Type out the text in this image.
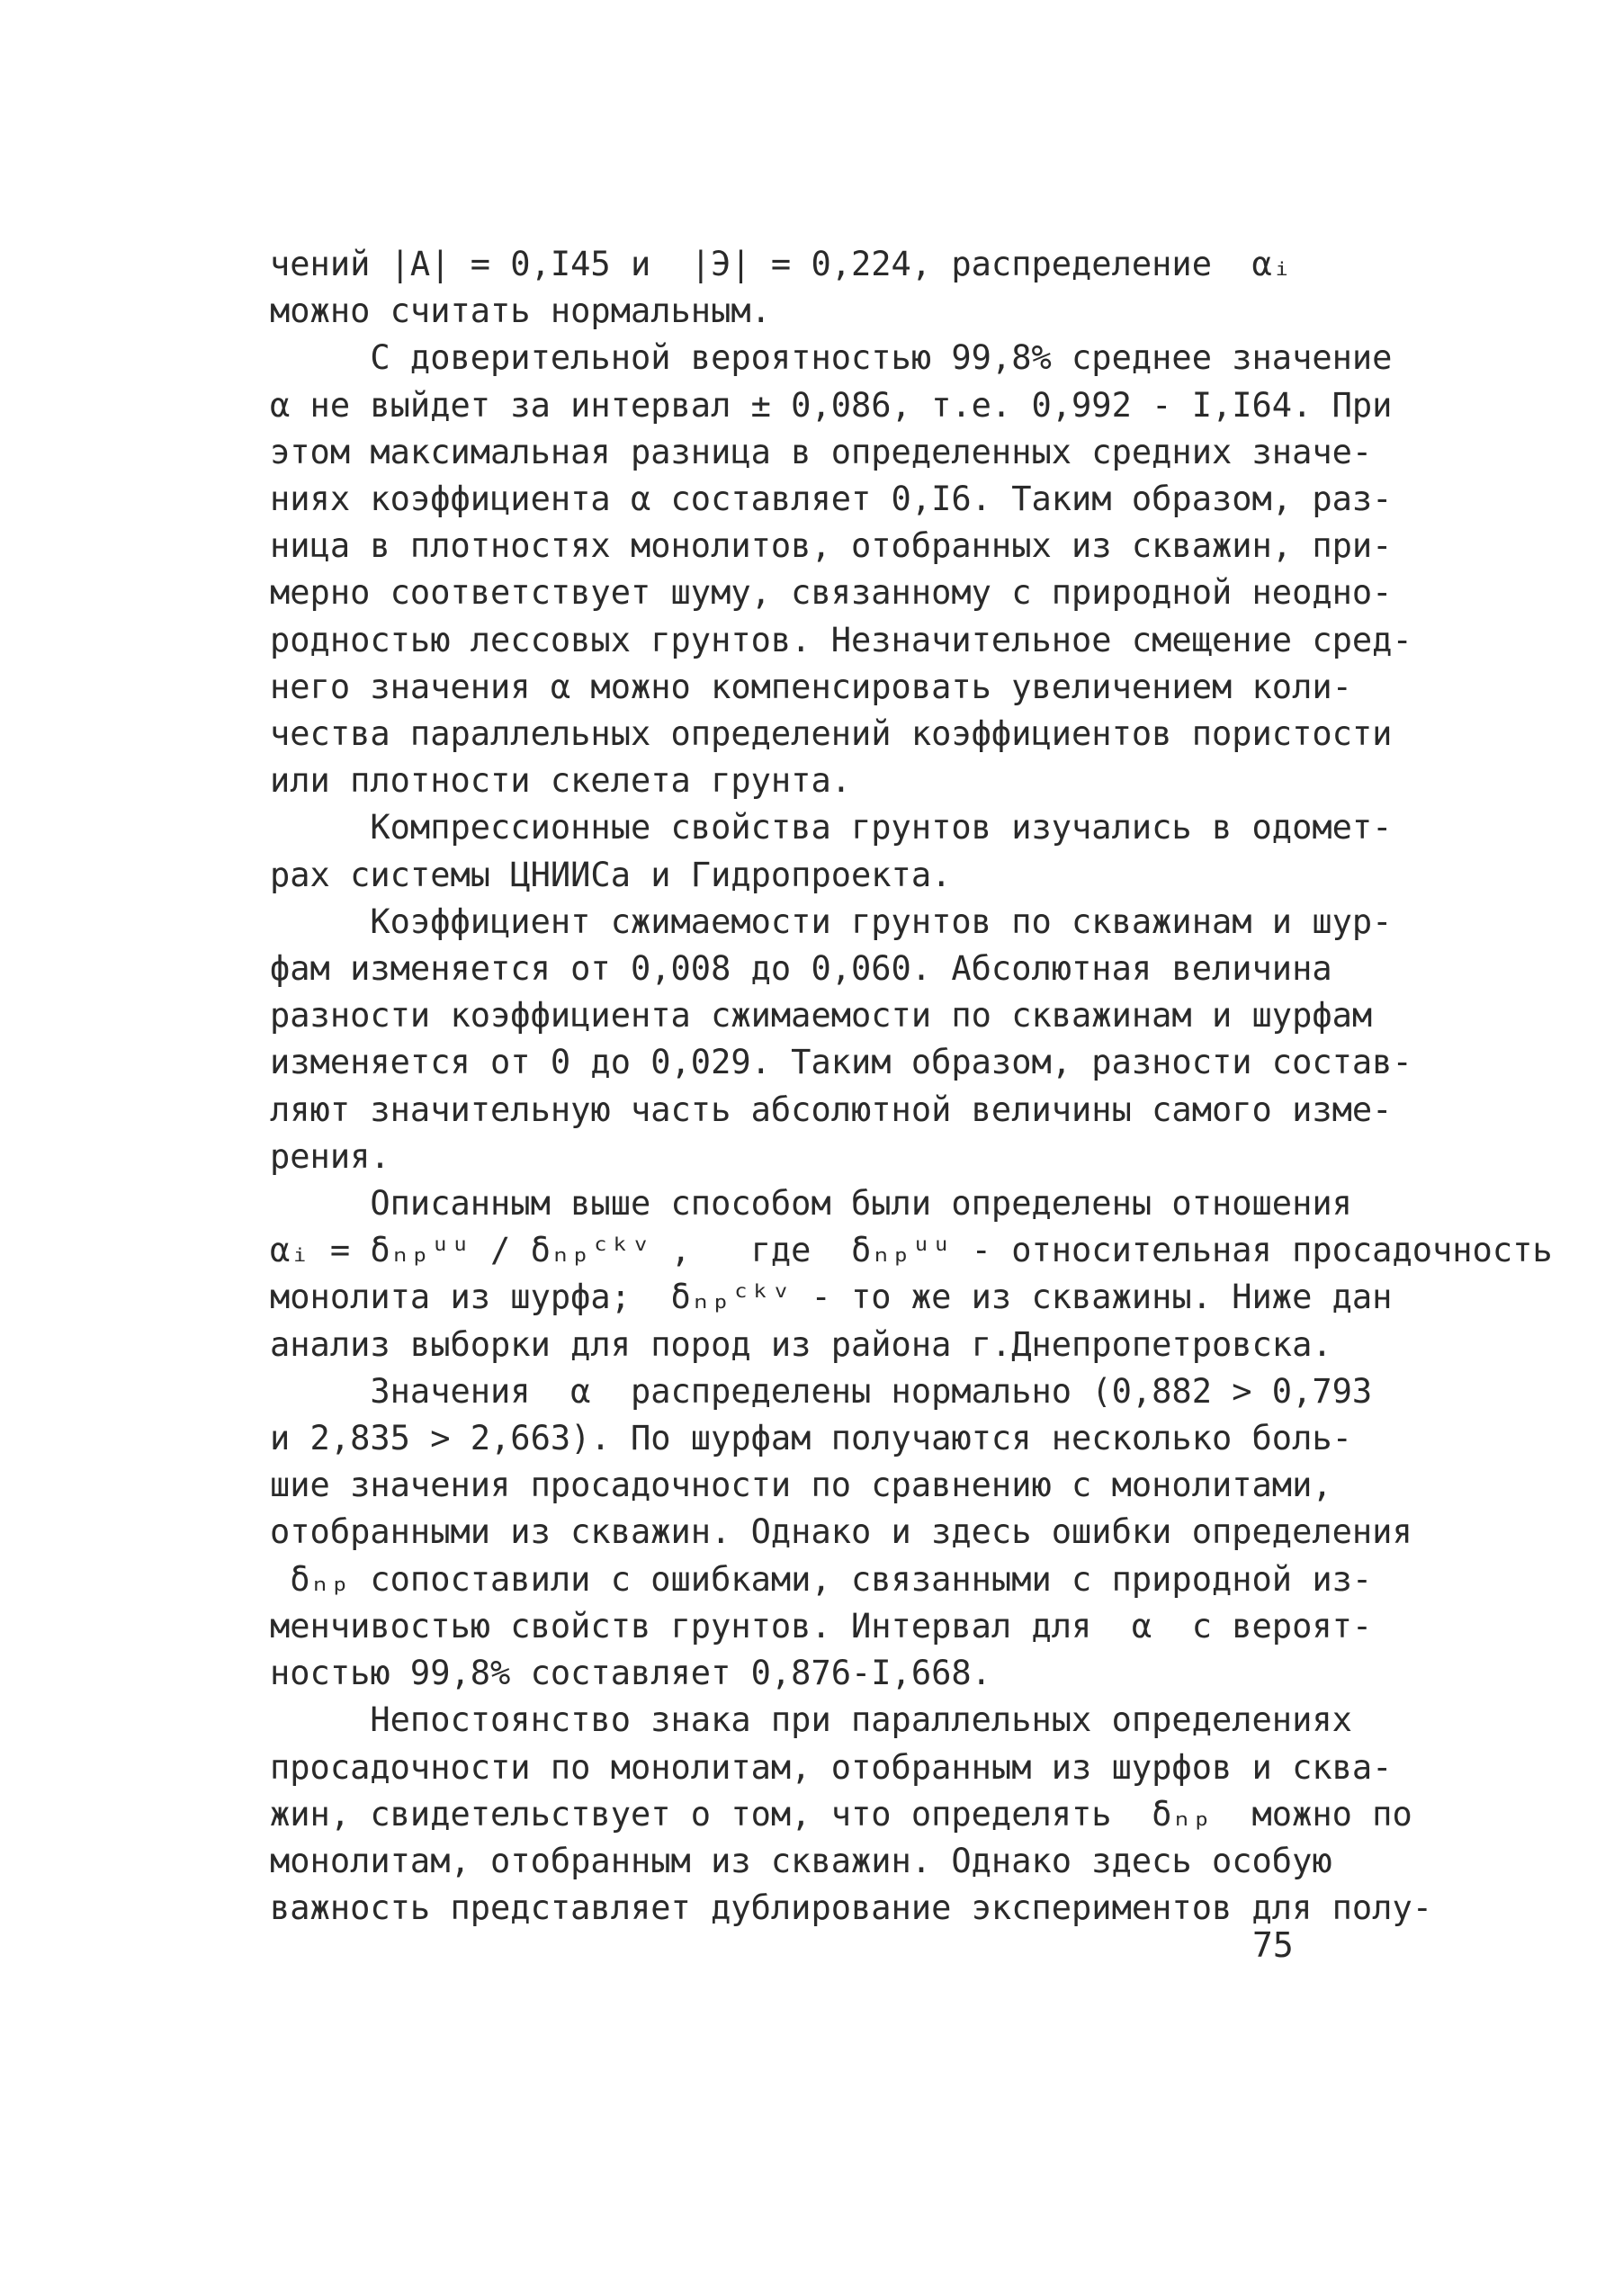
чений |А| = 0,I45 и  |Э| = 0,224, распределение  αᵢ
можно считать нормальным.
С доверительной вероятностью 99,8% среднее значение
α не выйдет за интервал ± 0,086, т.е. 0,992 - I,I64. При
этом максимальная разница в определенных средних значе-
ниях коэффициента α составляет 0,I6. Таким образом, раз-
ница в плотностях монолитов, отобранных из скважин, при-
мерно соответствует шуму, связанному с природной неодно-
родностью лессовых грунтов. Незначительное смещение сред-
него значения α можно компенсировать увеличением коли-
чества параллельных определений коэффициентов пористости
или плотности скелета грунта.
Компрессионные свойства грунтов изучались в одомет-
рах системы ЦНИИСа и Гидропроекта.
Коэффициент сжимаемости грунтов по скважинам и шур-
фам изменяется от 0,008 до 0,060. Абсолютная величина
разности коэффициента сжимаемости по скважинам и шурфам
изменяется от 0 до 0,029. Таким образом, разности состав-
ляют значительную часть абсолютной величины самого изме-
рения.
Описанным выше способом были определены отношения
αᵢ = δₙₚᵘᵘ / δₙₚᶜᵏᵛ ,   где  δₙₚᵘᵘ - относительная просадочность
монолита из шурфа;  δₙₚᶜᵏᵛ - то же из скважины. Ниже дан
анализ выборки для пород из района г.Днепропетровска.
Значения  α  распределены нормально (0,882 > 0,793
и 2,835 > 2,663). По шурфам получаются несколько боль-
шие значения просадочности по сравнению с монолитами,
отобранными из скважин. Однако и здесь ошибки определения
δₙₚ сопоставили с ошибками, связанными с природной из-
менчивостью свойств грунтов. Интервал для  α  с вероят-
ностью 99,8% составляет 0,876-I,668.
Непостоянство знака при параллельных определениях
просадочности по монолитам, отобранным из шурфов и сква-
жин, свидетельствует о том, что определять  δₙₚ  можно по
монолитам, отобранным из скважин. Однако здесь особую
важность представляет дублирование экспериментов для полу-
75
